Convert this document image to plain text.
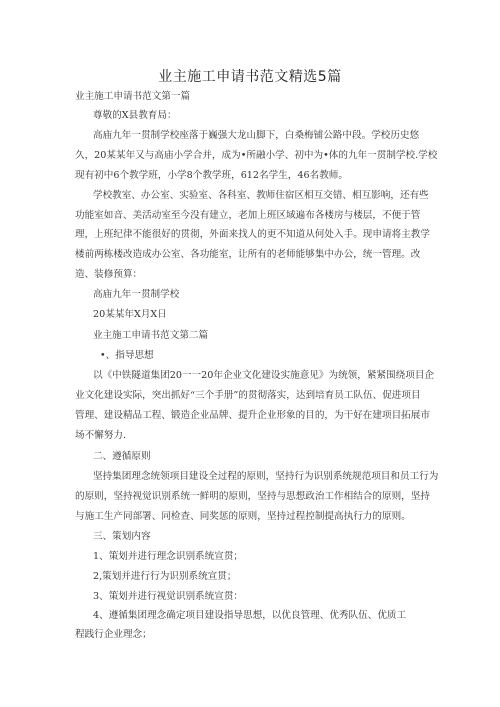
业主施工申请书范文精选5篇
业主施工申请书范文第一篇
尊敬的X县教育局：
高庙九年一贯制学校座落于巍强大龙山脚下，白桑梅铺公路中段。学校历史悠
久，20某某年又与高庙小学合并，成为•所融小学、初中为•体的九年一贯制学校.学校
现有初中6个教学班，小学8个教学班，612名学生，46名教师。
学校教室、办公室、实验室、各科室、教师住宿区相互交错、相互影响，还有些
功能室如音、美活动室至今没有建立，老加上班区域遍布各楼房与楼层，不便于管
理，上班纪律不能很好的贯彻，外面来找人的更不知道从何处入手。现申请将主教学
楼前两栋楼改造成办公室、各功能室，让所有的老师能够集中办公，统一管理。改
造、装修预算：
高庙九年一贯制学校
20某某年X月X日
业主施工申请书范文第二篇
•、指导思想
以《中铁隧道集团20一一20年企业文化建设实施意见》为统领，紧紧围绕项目企
业文化建设实际，突出抓好“三个手册”的贯彻落实，达到培育员工队伍、促进项目
管理、建设精品工程、锻造企业品牌、提升企业形象的目的，为干好在建项目拓展市
场不懈努力.
二、遵循原则
坚持集团理念统领项目建设全过程的原则，坚持行为识别系统规范项目和员工行为
的原则，坚持视觉识别系统一鲜明的原则，坚持与思想政治工作相结合的原则，坚持
与施工生产同部署、同检查、同奖惩的原则，坚持过程控制提高执行力的原则。
三、策划内容
1、策划并进行理念识别系统宣贯；
2,策划并进行行为识别系统宣贯；
3、策划并进行视觉识别系统宣贯：
4、遵循集团理念确定项目建设指导思想，以优良管理、优秀队伍、优质工
程践行企业理念；
